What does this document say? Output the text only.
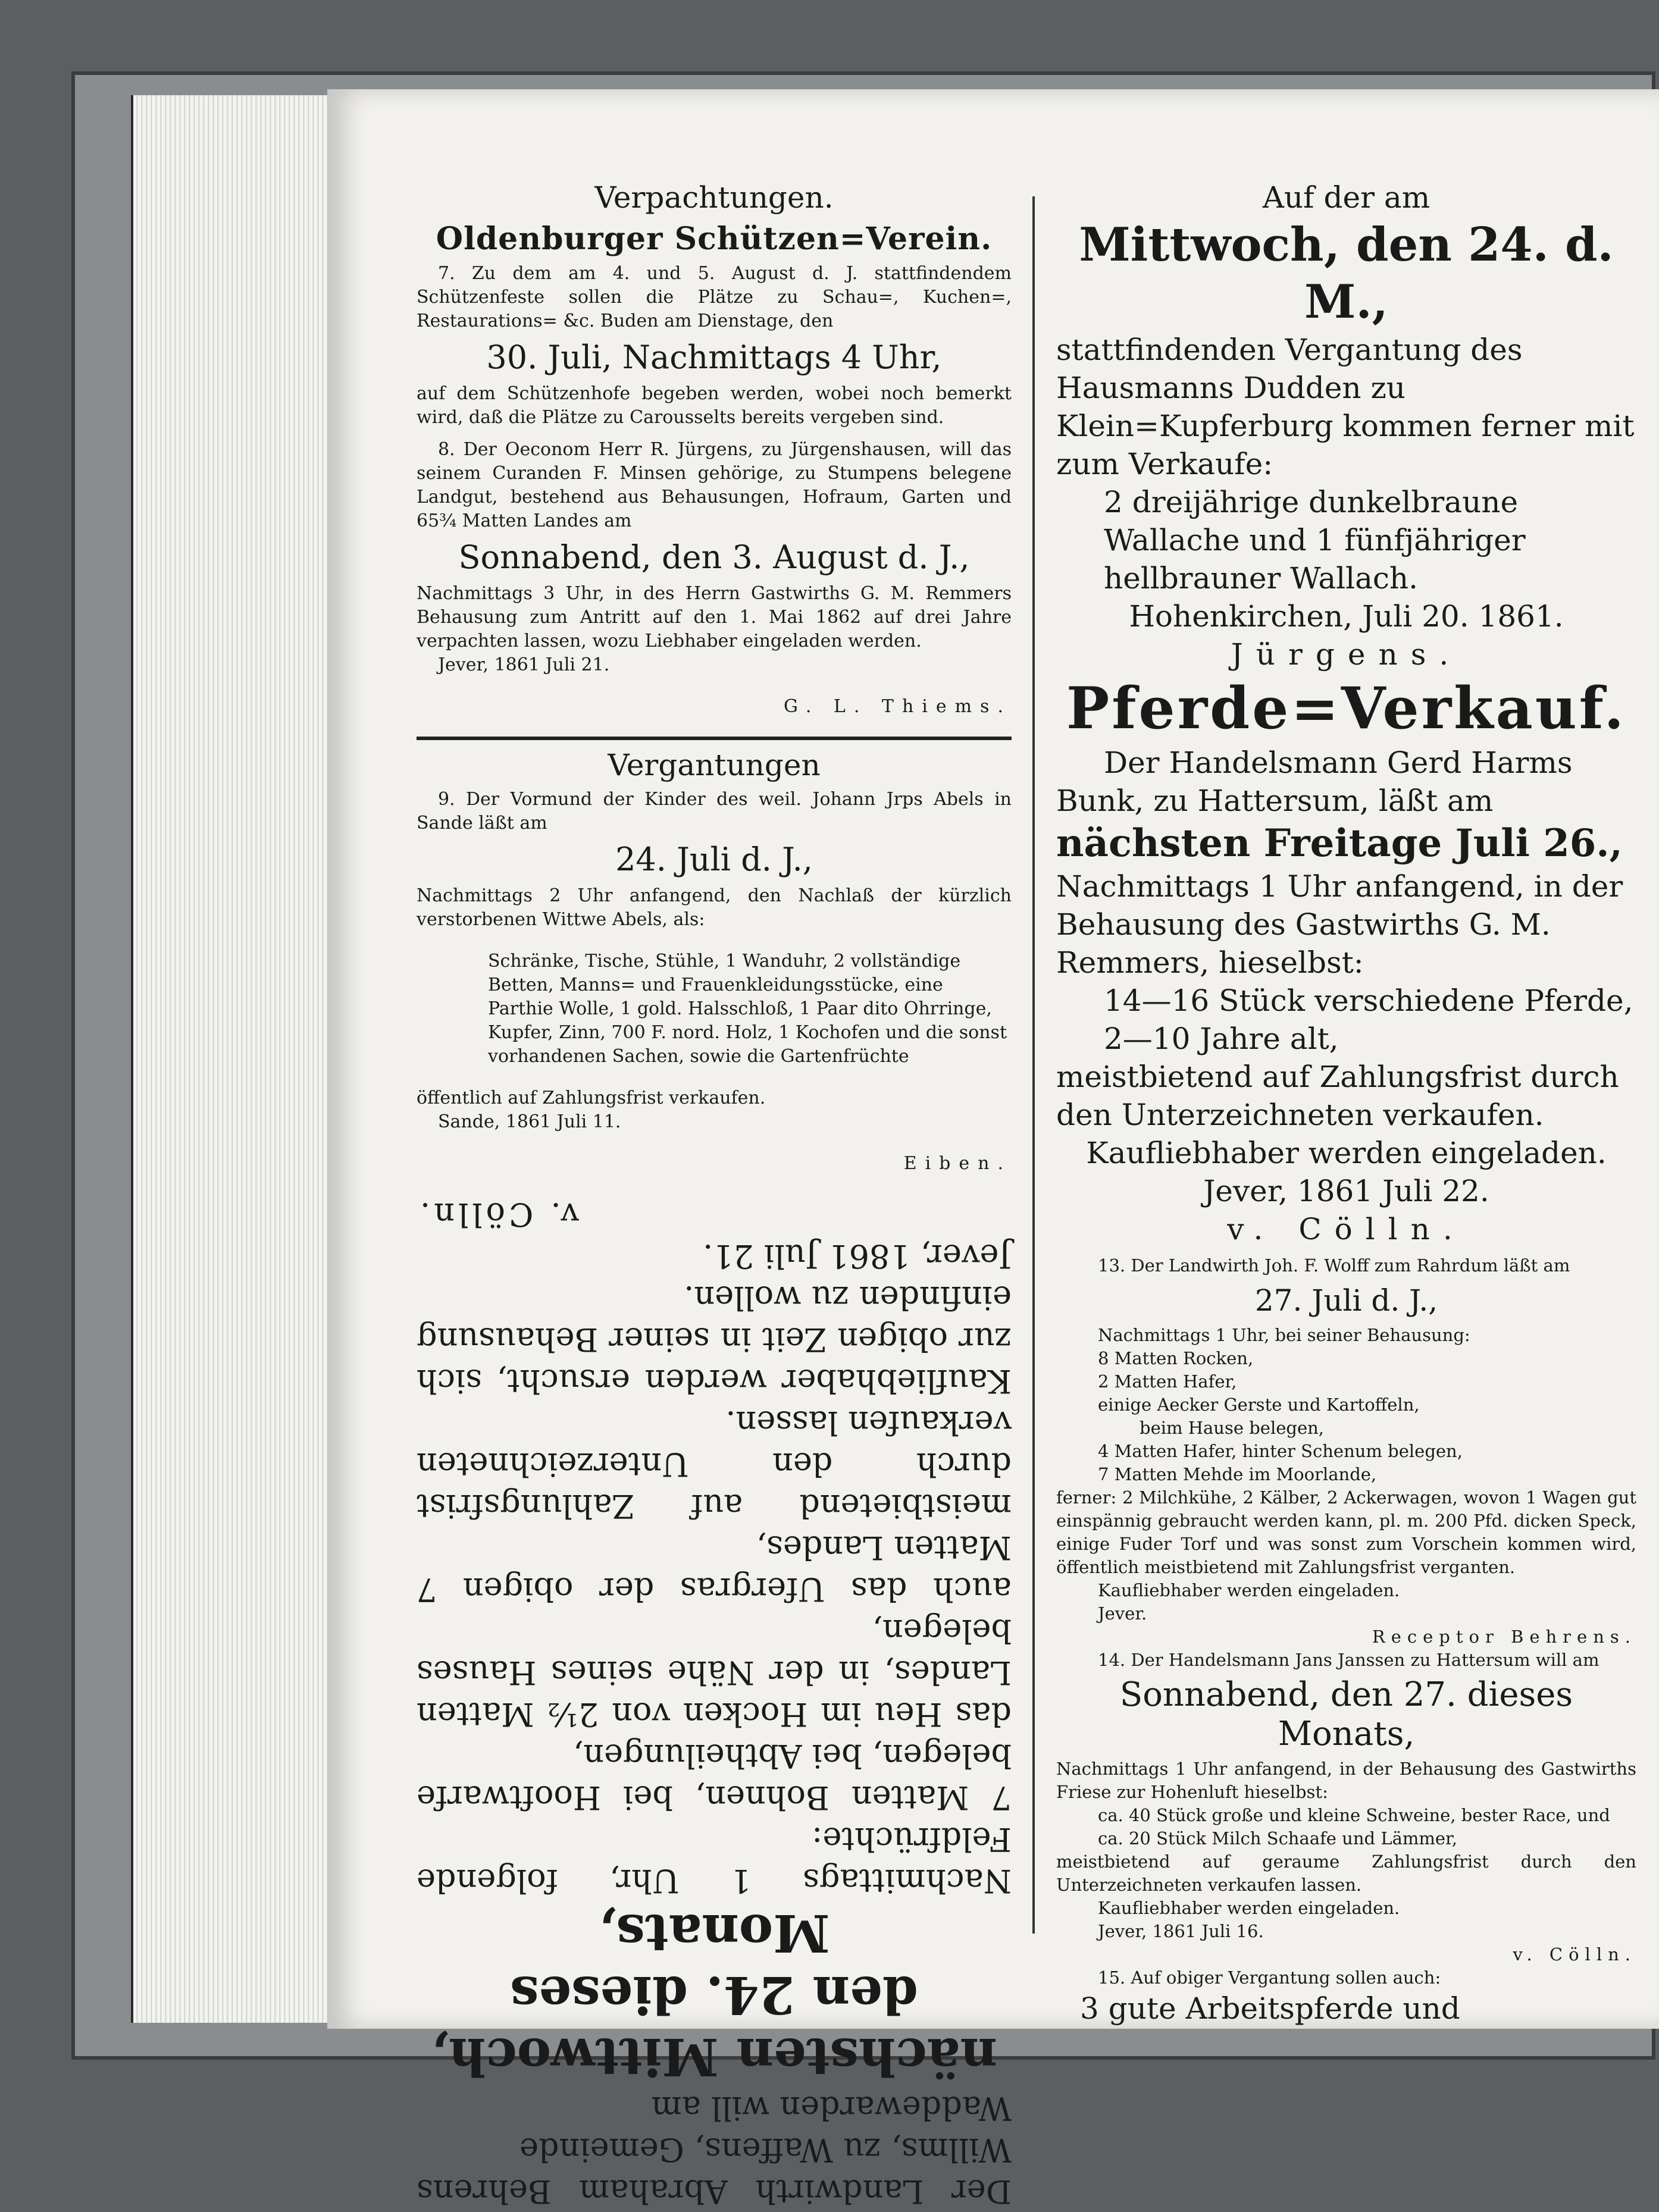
Verpachtungen.

Oldenburger Schützen=Verein.

7. Zu dem am 4. und 5. August d. J. stattfindendem Schützenfeste sollen die Plätze zu Schau=, Kuchen=, Restaurations= &c. Buden am Dienstage, den

30. Juli, Nachmittags 4 Uhr,

auf dem Schützenhofe begeben werden, wobei noch bemerkt wird, daß die Plätze zu Carousselts bereits vergeben sind.

8. Der Oeconom Herr R. Jürgens, zu Jürgenshausen, will das seinem Curanden F. Minsen gehörige, zu Stumpens belegene Landgut, bestehend aus Behausungen, Hofraum, Garten und 65¾ Matten Landes am

Sonnabend, den 3. August d. J.,

Nachmittags 3 Uhr, in des Herrn Gastwirths G. M. Remmers Behausung zum Antritt auf den 1. Mai 1862 auf drei Jahre verpachten lassen, wozu Liebhaber eingeladen werden.

Jever, 1861 Juli 21.

G. L. Thiems.

Vergantungen

9. Der Vormund der Kinder des weil. Johann Jrps Abels in Sande läßt am

24. Juli d. J.,

Nachmittags 2 Uhr anfangend, den Nachlaß der kürzlich verstorbenen Wittwe Abels, als:

Schränke, Tische, Stühle, 1 Wanduhr, 2 vollständige Betten, Manns= und Frauenkleidungsstücke, eine Parthie Wolle, 1 gold. Halsschloß, 1 Paar dito Ohrringe, Kupfer, Zinn, 700 F. nord. Holz, 1 Kochofen und die sonst vorhandenen Sachen, sowie die Gartenfrüchte

öffentlich auf Zahlungsfrist verkaufen.

Sande, 1861 Juli 11.

Eiben.

Der Landwirth Abraham Behrens Willms, zu Waffens, Gemeinde
Waddewarden will am
nächsten Mittwoch,
den 24. dieses Monats,
Nachmittags 1 Uhr, folgende Feldfrüchte:
7 Matten Bohnen, bei Hooftwarfe belegen, bei Abtheilungen,
das Heu im Hocken von 2½ Matten Landes, in der Nähe seines Hauses belegen,
auch das Ufergras der obigen 7 Matten Landes,
meistbietend auf Zahlungsfrist durch den Unterzeichneten verkaufen lassen.
Kaufliebhaber werden ersucht, sich zur obigen Zeit in seiner Behausung einfinden zu wollen.
Jever, 1861 Juli 21.
v. Cölln.

Auf der am

Mittwoch, den 24. d. M.,

stattfindenden Vergantung des Hausmanns Dudden zu Klein=Kupferburg kommen ferner mit zum Verkaufe:

2 dreijährige dunkelbraune Wallache und 1 fünfjähriger hellbrauner Wallach.

Hohenkirchen, Juli 20. 1861.

Jürgens.

Pferde=Verkauf.

Der Handelsmann Gerd Harms Bunk, zu Hattersum, läßt am

nächsten Freitage Juli 26.,

Nachmittags 1 Uhr anfangend, in der Behausung des Gastwirths G. M. Remmers, hieselbst:

14—16 Stück verschiedene Pferde,

2—10 Jahre alt,

meistbietend auf Zahlungsfrist durch den Unterzeichneten verkaufen.

Kaufliebhaber werden eingeladen.

Jever, 1861 Juli 22.

v. Cölln.

13. Der Landwirth Joh. F. Wolff zum Rahrdum läßt am

27. Juli d. J.,

Nachmittags 1 Uhr, bei seiner Behausung:

8 Matten Rocken,

2 Matten Hafer,

einige Aecker Gerste und Kartoffeln,

beim Hause belegen,

4 Matten Hafer, hinter Schenum belegen,

7 Matten Mehde im Moorlande,

ferner: 2 Milchkühe, 2 Kälber, 2 Ackerwagen, wovon 1 Wagen gut einspännig gebraucht werden kann, pl. m. 200 Pfd. dicken Speck, einige Fuder Torf und was sonst zum Vorschein kommen wird, öffentlich meistbietend mit Zahlungsfrist verganten.

Kaufliebhaber werden eingeladen.

Jever.

Receptor Behrens.

14. Der Handelsmann Jans Janssen zu Hattersum will am

Sonnabend, den 27. dieses Monats,

Nachmittags 1 Uhr anfangend, in der Behausung des Gastwirths Friese zur Hohenluft hieselbst:

ca. 40 Stück große und kleine Schweine, bester Race, und

ca. 20 Stück Milch Schaafe und Lämmer,

meistbietend auf geraume Zahlungsfrist durch den Unterzeichneten verkaufen lassen.

Kaufliebhaber werden eingeladen.

Jever, 1861 Juli 16.

v. Cölln.

15. Auf obiger Vergantung sollen auch:

3 gute Arbeitspferde und
